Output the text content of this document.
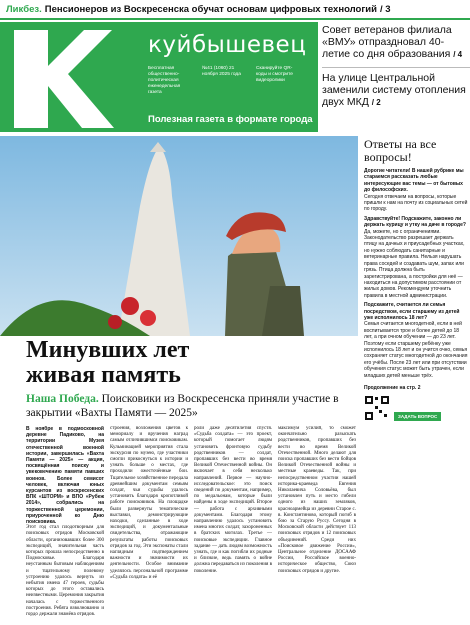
Ликбез. Пенсионеров из Воскресенска обучат основам цифровых технологий / 3
куйбышевец
Бесплатная общественно-политическая еженедельная газета
№41 (1060) 21 ноября 2025 года
Сканируйте QR-коды и смотрите видеоролики
Полезная газета в формате города
Совет ветеранов филиала «ВМУ» отпраздновал 40-летие со дня образования / 4
На улице Центральной заменили систему отопления двух МКД / 2
Минувших лет
живая память
Наша Победа. Поисковики из Воскресенска приняли участие в закрытии «Вахты Памяти — 2025»

В ноябре в подмосковной деревне Падиково, на территории Музея отечественной военной истории, завершилась «Вахта Памяти — 2025» — акция, посвящённая поиску и увековечению памяти павших воинов. Более семисот человек, включая юных курсантов из воскресенских ВПК «ШТОРМ» и ВПО «Рубеж 2014», собрались на торжественной церемонии, приуроченной ко Дню поисковика.

Этот год стал плодотворным для поисковых отрядов Московской области, организовавших более 300 экспедиций, значительная часть которых прошла непосредственно в Подмосковье. Благодаря неустанным бытовым наблюдениям и тщательному полевому устроению удалось вернуть из небытия имена 47 героев, судьбы которых до этого оставались неизвестными. Церемония закрытия началась с торжественного построения. Ребята взволнованно и гордо держали знамёна отрядов.

строения, возложения цветов к мемориалу и вручения наград самым отличившимся поисковикам. Кульминацией мероприятия стала экскурсия по музею, где участники смогли прикоснуться к истории и узнать больше о местах, где проходили ожесточённые бои. Тщательное хозяйственное передала древнейшим документам семьям солдат, чьи судьбы удалось установить благодаря кропотливой работе поисковиков. На площадке были развернуты тематические выставки, демонстрирующие находки, сделанные в ходе экспедиций, и документальные свидетельства, отражающие результаты работы поисковых отрядов за год. Эти экспонаты стали наглядным подтверждением важности и значимости их деятельности. Особое внимание уделялось персональной программе «Судьба солдата» и её

роли даже десятилетия спустя. «Судьба солдата» — это проект, который помогает людям установить фронтовую судьбу родственников — солдат, пропавших без вести во время Великой Отечественной войны. Он включает в себя несколько направлений. Первое — научно-исследовательское: это поиск сведений по документам, например, по медальонам, которые были найдены в ходе экспедиций. Второе — работа с архивными документами. Благодаря этому направлению удалось установить имена многих солдат, захороненных в братских могилах. Третье — поисковые экспедиции. Главное задание — дать людям возможность узнать, где и как погибли их родные и близкие, ведь память о войне должна передаваться из поколения в поколение.

максимум усилий, то сможет окончательно разыскать родственников, пропавших без вести во время Великой Отечественной. Много делают для поиска пропавших без вести бойцов Великой Отечественной войны и местные краеведы. Так, при непосредственном участии нашей историка-краеведа Евгения Николаевича Соловьёва, был установлен путь и место гибели одного из наших земляков, красноармейца из деревни Старое с. в. Константиново, который погиб в бою за Старую Руссу. Сегодня в Московской области действует 113 поисковых отрядов и 12 поисковых объединений. Среди них «Поисковое движение России», Центральное отделение ДОСААФ России, Российское военно-историческое общество, Союз поисковых отрядов и другие.

Ответы на все вопросы!

Дорогие читатели! В нашей рубрике мы стараемся рассказать любые интересующие вас темы — от бытовых до философских.

Сегодня отвечаем на вопросы, которые пришли к нам на почту из социальных сетей по городу.

Здравствуйте! Подскажите, законно ли держать курицу и утку на даче в городе?

Да, можете, но с ограничениями. Законодательство разрешает держать птицу на дачных и приусадебных участках, но нужно соблюдать санитарные и ветеринарные правила. Нельзя нарушать права соседей и создавать шум, запах или грязь. Птица должна быть зарегистрирована, а постройки для неё — находиться на допустимом расстоянии от жилых домов. Рекомендуем уточнить правила в местной администрации.

Подскажите, считается ли семья посредством, если старшему из детей уже исполнилось 18 лет?

Семья считается многодетной, если в ней воспитывается трое и более детей до 18 лет, а при очном обучении — до 23 лет. Поэтому если старшему ребёнку уже исполнилось 18 лет и он учится очно, семья сохраняет статус многодетной до окончания его учёбы. После 23 лет или при отсутствии обучения статус может быть утрачен, если младших детей меньше трёх.

Продолжение на стр. 2
ЗАДАТЬ ВОПРОС
